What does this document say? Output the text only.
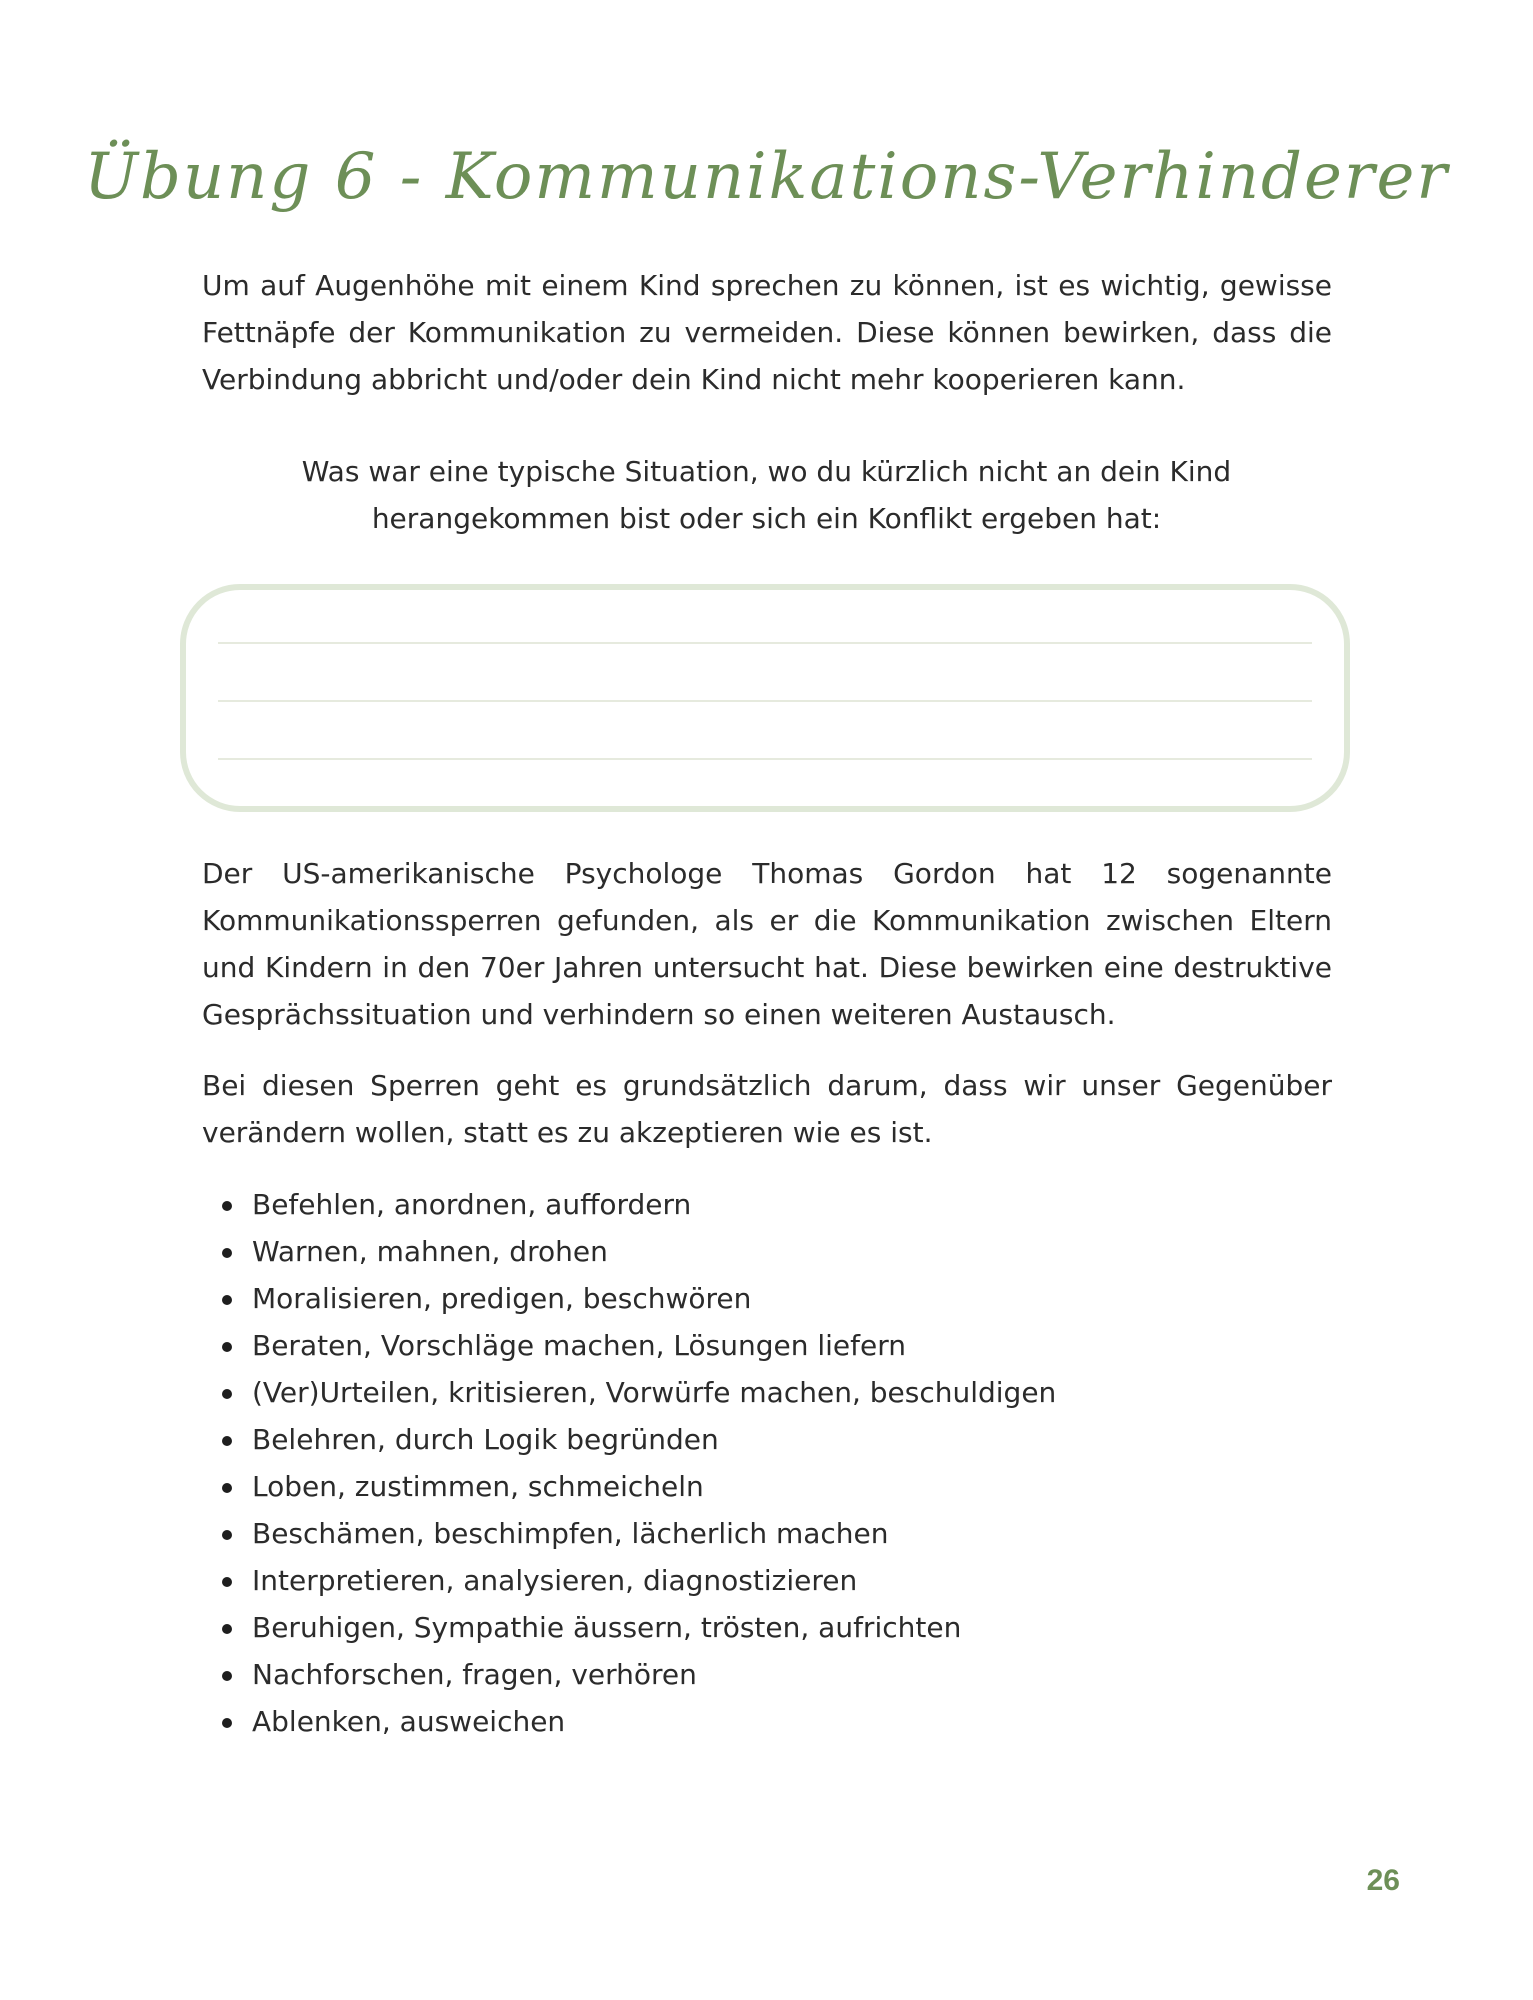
Übung 6 - Kommunikations-Verhinderer

Um auf Augenhöhe mit einem Kind sprechen zu können, ist es wichtig, gewisse Fettnäpfe der Kommunikation zu vermeiden. Diese können bewirken, dass die Verbindung abbricht und/oder dein Kind nicht mehr kooperieren kann.

Was war eine typische Situation, wo du kürzlich nicht an dein Kind herangekommen bist oder sich ein Konflikt ergeben hat:

Der US-amerikanische Psychologe Thomas Gordon hat 12 sogenannte Kommunikationssperren gefunden, als er die Kommunikation zwischen Eltern und Kindern in den 70er Jahren untersucht hat. Diese bewirken eine destruktive Gesprächssituation und verhindern so einen weiteren Austausch.

Bei diesen Sperren geht es grundsätzlich darum, dass wir unser Gegenüber verändern wollen, statt es zu akzeptieren wie es ist.

Befehlen, anordnen, auffordern
Warnen, mahnen, drohen
Moralisieren, predigen, beschwören
Beraten, Vorschläge machen, Lösungen liefern
(Ver)Urteilen, kritisieren, Vorwürfe machen, beschuldigen
Belehren, durch Logik begründen
Loben, zustimmen, schmeicheln
Beschämen, beschimpfen, lächerlich machen
Interpretieren, analysieren, diagnostizieren
Beruhigen, Sympathie äussern, trösten, aufrichten
Nachforschen, fragen, verhören
Ablenken, ausweichen
26
